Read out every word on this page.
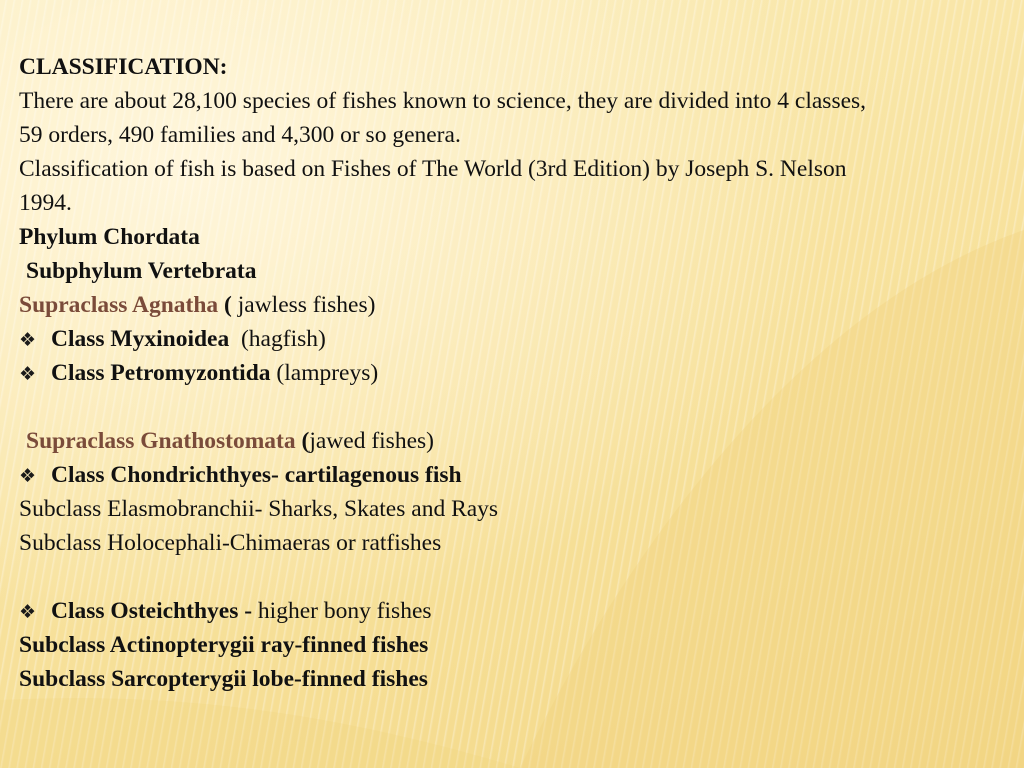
CLASSIFICATION:
There are about 28,100 species of fishes known to science, they are divided into 4 classes,
59 orders, 490 families and 4,300 or so genera.
Classification of fish is based on Fishes of The World (3rd Edition) by Joseph S. Nelson
1994.
Phylum Chordata
Subphylum Vertebrata
Supraclass Agnatha ( jawless fishes)
❖ Class Myxinoidea (hagfish)
❖ Class Petromyzontida (lampreys)
Supraclass Gnathostomata (jawed fishes)
❖ Class Chondrichthyes- cartilagenous fish
Subclass Elasmobranchii- Sharks, Skates and Rays
Subclass Holocephali-Chimaeras or ratfishes
❖ Class Osteichthyes - higher bony fishes
Subclass Actinopterygii ray-finned fishes
Subclass Sarcopterygii lobe-finned fishes
